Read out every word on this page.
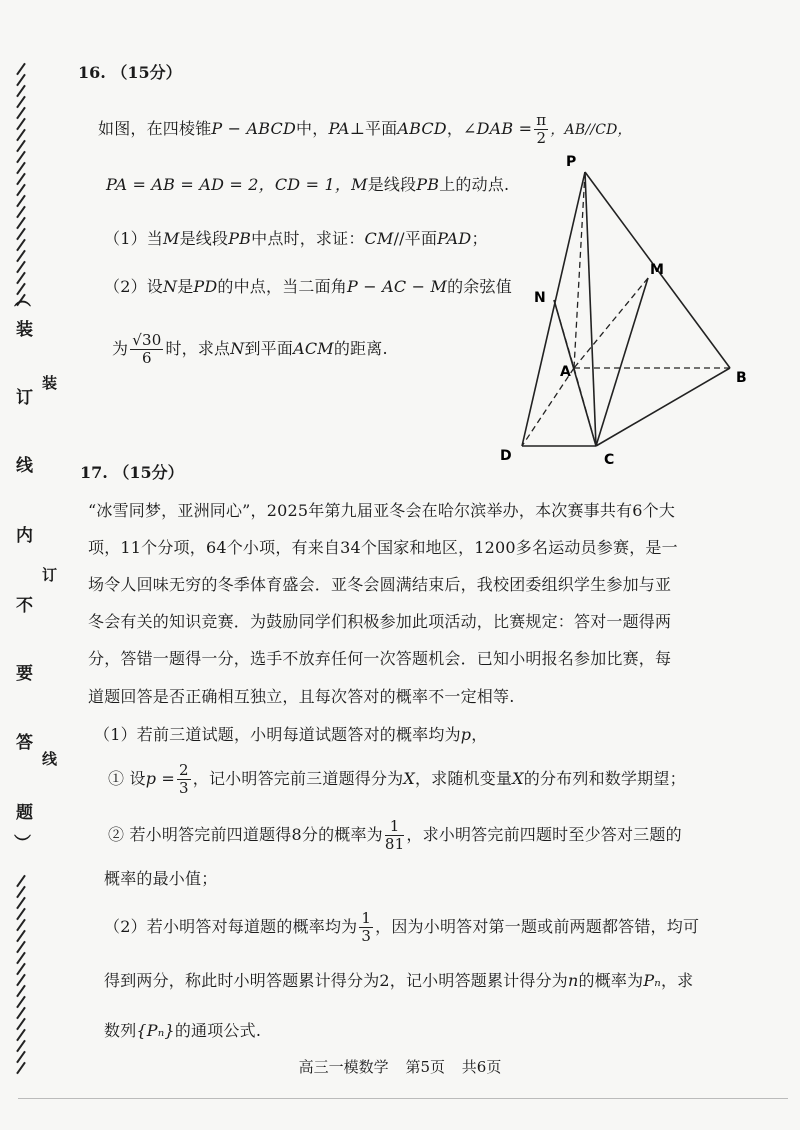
︵
装
订
线
内
不
要
答
题
︶
装
订
线
16. （15分）
如图，在四棱锥P − ABCD中，PA⊥平面ABCD，∠DAB = $\frac{\pi}{2}$ ，AB//CD，
PA = AB = AD = 2，CD = 1，M是线段PB上的动点.
（1）当M是线段PB中点时，求证：CM//平面PAD；
（2）设N是PD的中点，当二面角P − AC − M的余弦值
为 $\frac{√30}{6}$ 时，求点N到平面ACM的距离.
P
M
N
A	B
C
D
17. （15分）
“冰雪同梦，亚洲同心”，2025年第九届亚冬会在哈尔滨举办，本次赛事共有6个大
项，11个分项，64个小项，有来自34个国家和地区，1200多名运动员参赛，是一
场令人回味无穷的冬季体育盛会．亚冬会圆满结束后，我校团委组织学生参加与亚
冬会有关的知识竞赛．为鼓励同学们积极参加此项活动，比赛规定：答对一题得两
分，答错一题得一分，选手不放弃任何一次答题机会．已知小明报名参加比赛，每
道题回答是否正确相互独立，且每次答对的概率不一定相等.
（1）若前三道试题，小明每道试题答对的概率均为p，
① 设$p = \frac{2}{3}$ ，记小明答完前三道题得分为X，求随机变量X的分布列和数学期望；
② 若小明答完前四道题得8分的概率为 $\frac{1}{81}$ ，求小明答完前四题时至少答对三题的
概率的最小值；
（2）若小明答对每道题的概率均为 $\frac{1}{3}$ ，因为小明答对第一题或前两题都答错，均可
得到两分，称此时小明答题累计得分为2，记小明答题累计得分为n的概率为Pₙ，求
数列{Pₙ}的通项公式.
高三一模数学 第5页 共6页
